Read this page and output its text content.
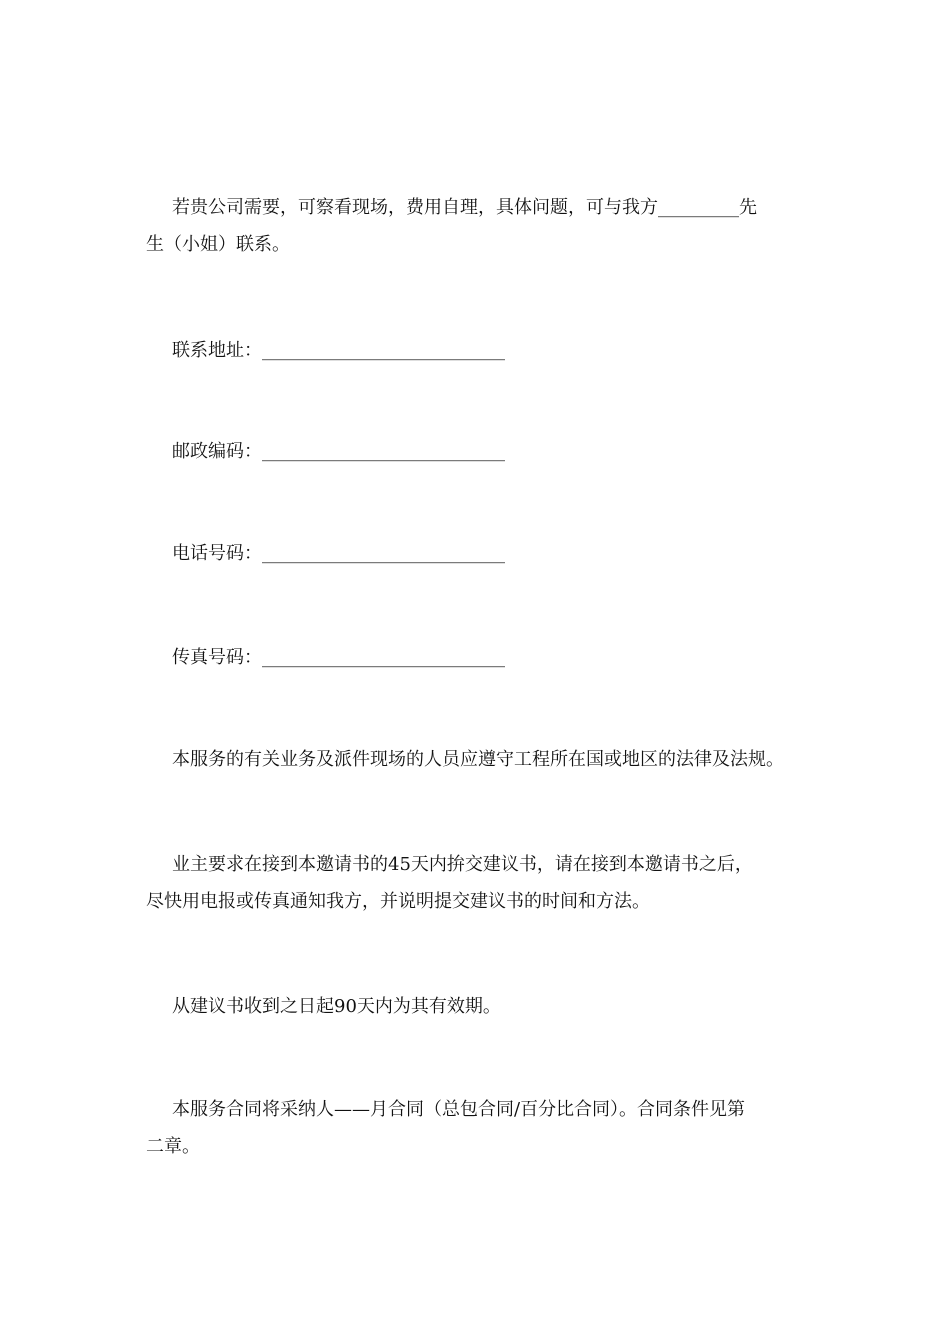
若贵公司需要，可察看现场，费用自理，具体问题，可与我方_________先
生（小姐）联系。
联系地址：___________________________
邮政编码：___________________________
电话号码：___________________________
传真号码：___________________________
本服务的有关业务及派件现场的人员应遵守工程所在国或地区的法律及法规。
业主要求在接到本邀请书的45天内拚交建议书，请在接到本邀请书之后，
尽快用电报或传真通知我方，并说明提交建议书的时间和方法。
从建议书收到之日起90天内为其有效期。
本服务合同将采纳人——月合同（总包合同/百分比合同）。合同条件见第
二章。
